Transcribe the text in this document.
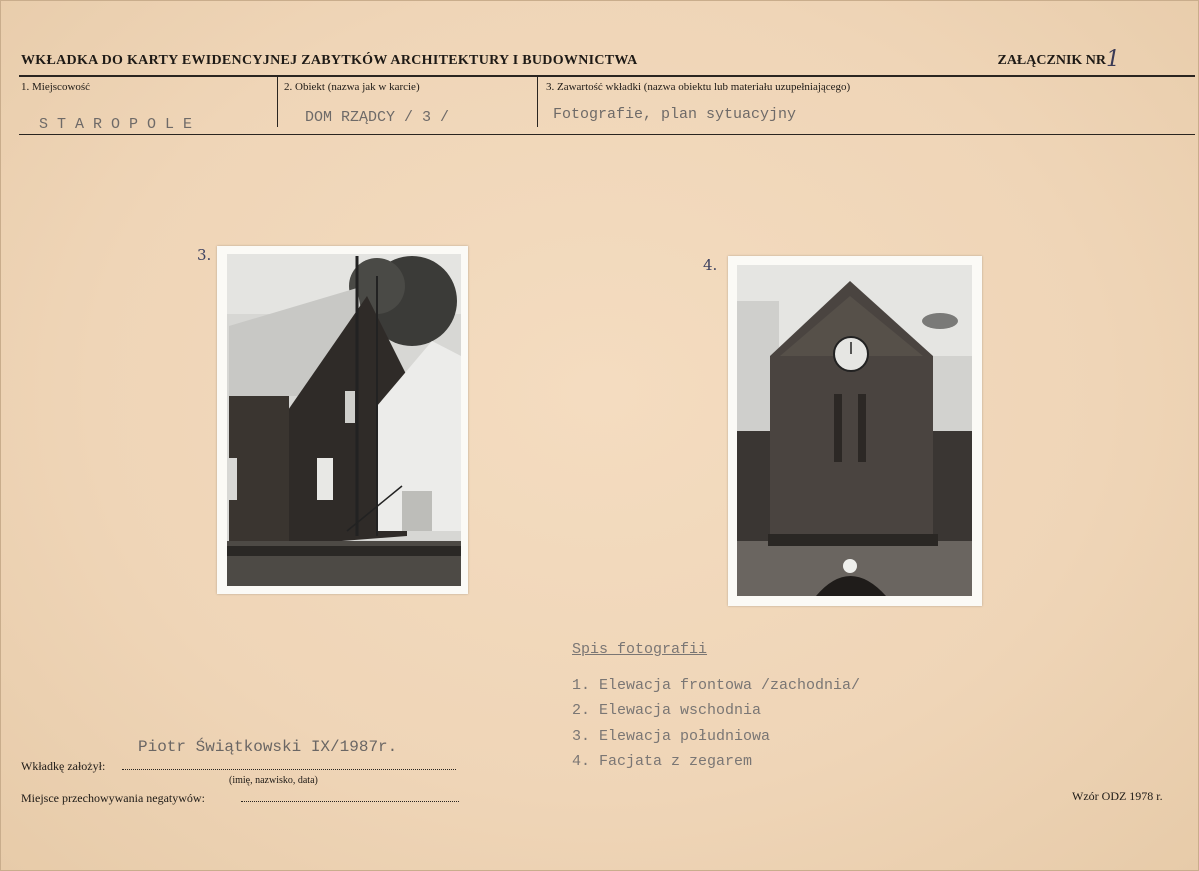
WKŁADKA DO KARTY EWIDENCYJNEJ ZABYTKÓW ARCHITEKTURY I BUDOWNICTWA	ZAŁĄCZNIK NR 1
1. Miejscowość	2. Obiekt (nazwa jak w karcie)	3. Zawartość wkładki (nazwa obiektu lub materiału uzupełniającego)
STAROPOLE	DOM RZĄDCY / 3 /	Fotografie, plan sytuacyjny
3.
4.
Spis fotografii
1. Elewacja frontowa /zachodnia/
2. Elewacja wschodnia
3. Elewacja południowa
4. Facjata z zegarem
Piotr Świątkowski IX/1987r.
Wkładkę założył:
(imię, nazwisko, data)
Miejsce przechowywania negatywów:	Wzór ODZ 1978 r.
